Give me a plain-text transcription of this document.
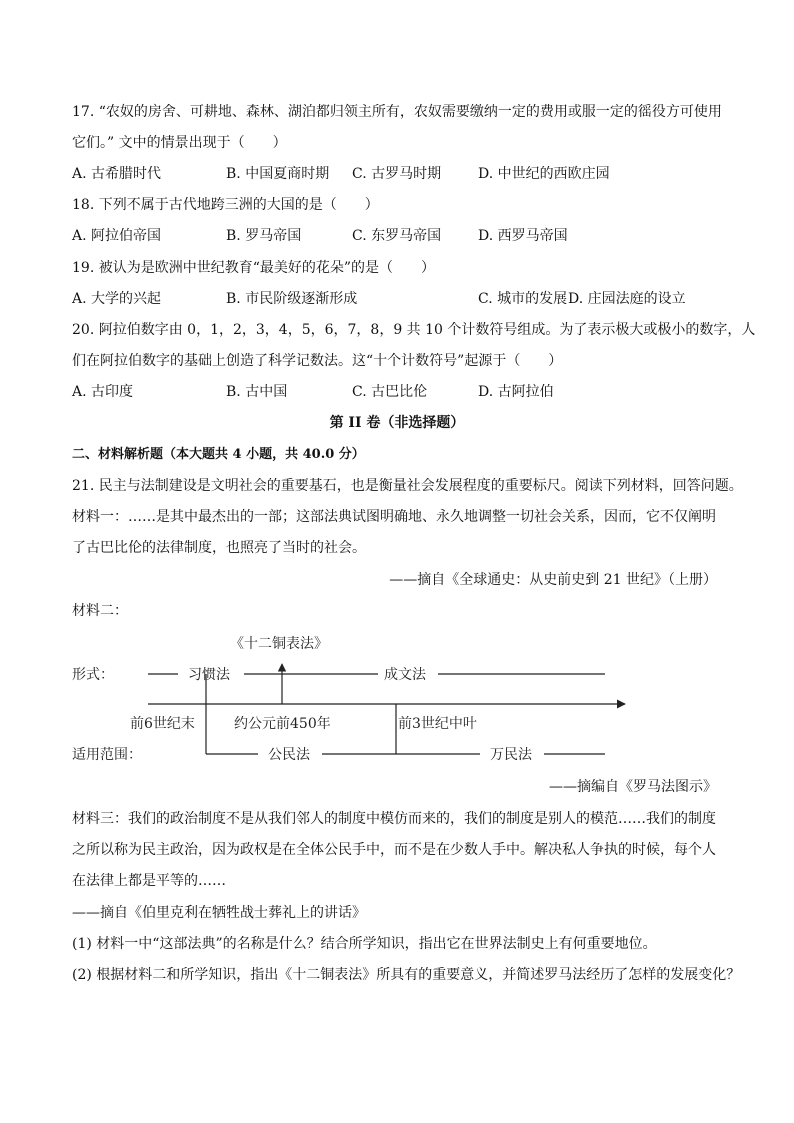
17. “农奴的房舍、可耕地、森林、湖泊都归领主所有，农奴需要缴纳一定的费用或服一定的徭役方可使用
它们。” 文中的情景出现于（　　）
A. 古希腊时代	B. 中国夏商时期 C. 古罗马时期	D. 中世纪的西欧庄园
18. 下列不属于古代地跨三洲的大国的是（　　）
A. 阿拉伯帝国	B. 罗马帝国	C. 东罗马帝国	D. 西罗马帝国
19. 被认为是欧洲中世纪教育“最美好的花朵”的是（　　）
A. 大学的兴起	B. 市民阶级逐渐形成	C. 城市的发展 D. 庄园法庭的设立
20. 阿拉伯数字由 0，1，2，3，4，5，6，7，8，9 共 10 个计数符号组成。为了表示极大或极小的数字，人
们在阿拉伯数字的基础上创造了科学记数法。这“十个计数符号”起源于（　　）
A. 古印度	B. 古中国	C. 古巴比伦	D. 古阿拉伯
第 II 卷（非选择题）
二、材料解析题（本大题共 4 小题，共 40.0 分）
21. 民主与法制建设是文明社会的重要基石，也是衡量社会发展程度的重要标尺。阅读下列材料，回答问题。
材料一：……是其中最杰出的一部；这部法典试图明确地、永久地调整一切社会关系，因而，它不仅阐明
了古巴比伦的法律制度，也照亮了当时的社会。
——摘自《全球通史：从史前史到 21 世纪》（上册）
材料二：
《十二铜表法》
形式：	习惯法	成文法
前6世纪末	约公元前450年	前3世纪中叶
适用范围：	公民法	万民法
——摘编自《罗马法图示》
材料三：我们的政治制度不是从我们邻人的制度中模仿而来的，我们的制度是别人的模范……我们的制度
之所以称为民主政治，因为政权是在全体公民手中，而不是在少数人手中。解决私人争执的时候，每个人
在法律上都是平等的……
——摘自《伯里克利在牺牲战士葬礼上的讲话》
(1) 材料一中“这部法典”的名称是什么？结合所学知识，指出它在世界法制史上有何重要地位。
(2) 根据材料二和所学知识，指出《十二铜表法》所具有的重要意义，并简述罗马法经历了怎样的发展变化？
